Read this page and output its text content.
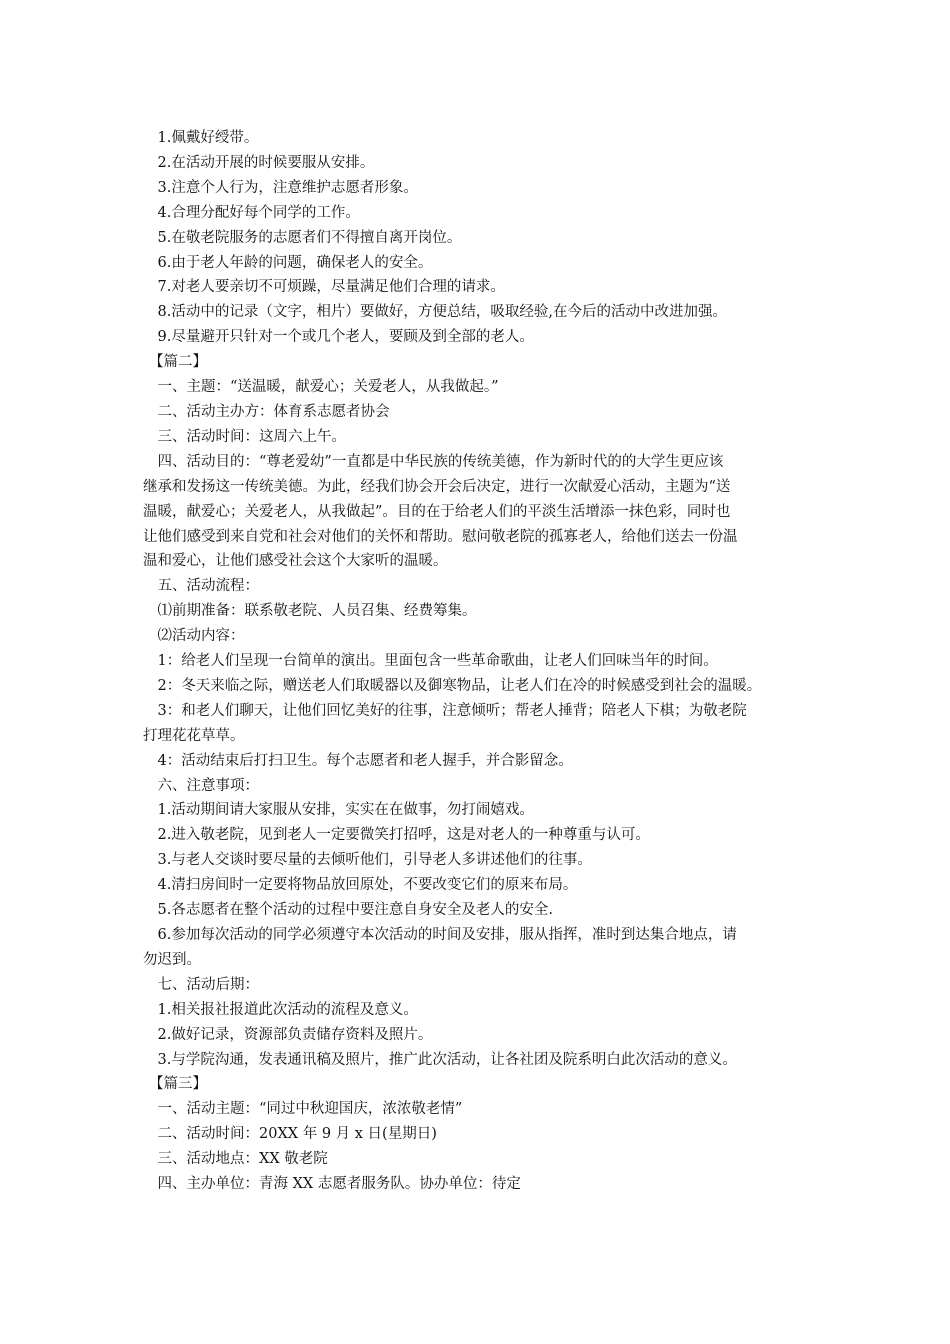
1.佩戴好绶带。

2.在活动开展的时候要服从安排。

3.注意个人行为，注意维护志愿者形象。

4.合理分配好每个同学的工作。

5.在敬老院服务的志愿者们不得擅自离开岗位。

6.由于老人年龄的问题，确保老人的安全。

7.对老人要亲切不可烦躁，尽量满足他们合理的请求。

8.活动中的记录（文字，相片）要做好，方便总结，吸取经验,在今后的活动中改进加强。

9.尽量避开只针对一个或几个老人，要顾及到全部的老人。

【篇二】

一、主题：“送温暖，献爱心；关爱老人，从我做起。”

二、活动主办方：体育系志愿者协会

三、活动时间：这周六上午。

四、活动目的：“尊老爱幼”一直都是中华民族的传统美德，作为新时代的的大学生更应该

继承和发扬这一传统美德。为此，经我们协会开会后决定，进行一次献爱心活动，主题为“送

温暖，献爱心；关爱老人，从我做起”。目的在于给老人们的平淡生活增添一抹色彩，同时也

让他们感受到来自党和社会对他们的关怀和帮助。慰问敬老院的孤寡老人，给他们送去一份温

温和爱心，让他们感受社会这个大家听的温暖。

五、活动流程：

⑴前期准备：联系敬老院、人员召集、经费筹集。

⑵活动内容：

1：给老人们呈现一台简单的演出。里面包含一些革命歌曲，让老人们回味当年的时间。

2：冬天来临之际，赠送老人们取暖器以及御寒物品，让老人们在冷的时候感受到社会的温暖。

3：和老人们聊天，让他们回忆美好的往事，注意倾听；帮老人捶背；陪老人下棋；为敬老院

打理花花草草。

4：活动结束后打扫卫生。每个志愿者和老人握手，并合影留念。

六、注意事项：

1.活动期间请大家服从安排，实实在在做事，勿打闹嬉戏。

2.进入敬老院，见到老人一定要微笑打招呼，这是对老人的一种尊重与认可。

3.与老人交谈时要尽量的去倾听他们，引导老人多讲述他们的往事。

4.清扫房间时一定要将物品放回原处，不要改变它们的原来布局。

5.各志愿者在整个活动的过程中要注意自身安全及老人的安全.

6.参加每次活动的同学必须遵守本次活动的时间及安排，服从指挥，准时到达集合地点，请

勿迟到。

七、活动后期：

1.相关报社报道此次活动的流程及意义。

2.做好记录，资源部负责储存资料及照片。

3.与学院沟通，发表通讯稿及照片，推广此次活动，让各社团及院系明白此次活动的意义。

【篇三】

一、活动主题：“同过中秋迎国庆，浓浓敬老情”

二、活动时间：20XX 年 9 月 x 日(星期日)

三、活动地点：XX 敬老院

四、主办单位：青海 XX 志愿者服务队。协办单位：待定
